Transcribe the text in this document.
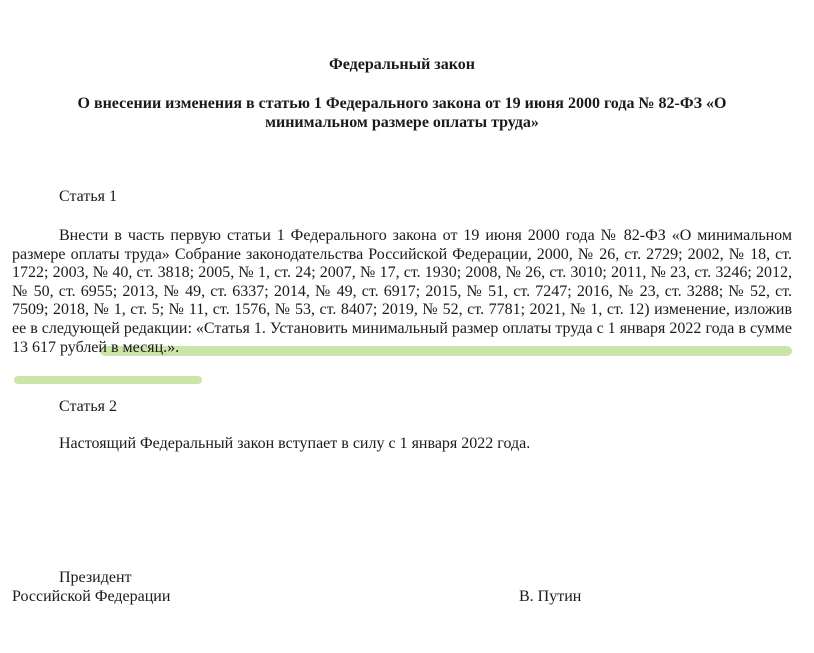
Федеральный закон
О внесении изменения в статью 1 Федерального закона от 19 июня 2000 года № 82-ФЗ «О
минимальном размере оплаты труда»
Статья 1
Внести в часть первую статьи 1 Федерального закона от 19 июня 2000 года № 82-ФЗ «О минимальном размере оплаты труда» Собрание законодательства Российской Федерации, 2000, № 26, ст. 2729; 2002, № 18, ст. 1722; 2003, № 40, ст. 3818; 2005, № 1, ст. 24; 2007, № 17, ст. 1930; 2008, № 26, ст. 3010; 2011, № 23, ст. 3246; 2012, № 50, ст. 6955; 2013, № 49, ст. 6337; 2014, № 49, ст. 6917; 2015, № 51, ст. 7247; 2016, № 23, ст. 3288; № 52, ст. 7509; 2018, № 1, ст. 5; № 11, ст. 1576, № 53, ст. 8407; 2019, № 52, ст. 7781; 2021, № 1, ст. 12) изменение, изложив ее в следующей редакции: «Статья 1. Установить минимальный размер оплаты труда с 1 января 2022 года в сумме 13 617 рублей в месяц.».
Статья 2
Настоящий Федеральный закон вступает в силу с 1 января 2022 года.
Президент
Российской Федерации	В. Путин
